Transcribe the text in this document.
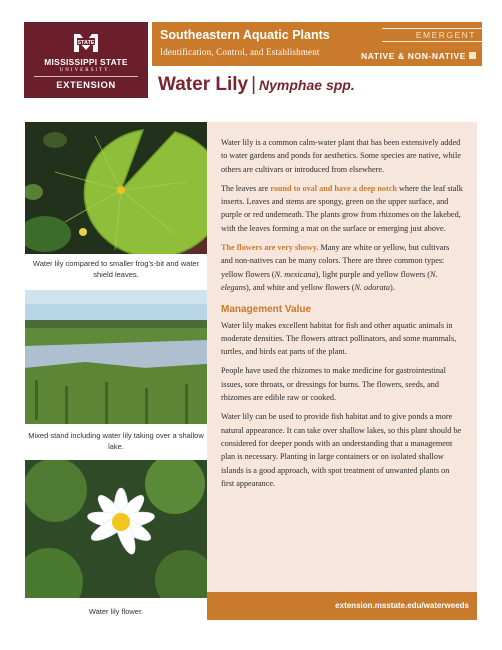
STATE
MISSISSIPPI STATE
UNIVERSITY.
EXTENSION
Southeastern Aquatic Plants
Identification, Control, and Establishment
EMERGENT
NATIVE & NON-NATIVE
Water Lily | Nymphae spp.
Water lily compared to smaller frog's-bit and water shield leaves.
Mixed stand including water lily taking over a shallow lake.
Water lily flower.

Water lily is a common calm-water plant that has been extensively added to water gardens and ponds for aesthetics. Some species are native, while others are cultivars or introduced from elsewhere.

The leaves are round to oval and have a deep notch where the leaf stalk inserts. Leaves and stems are spongy, green on the upper surface, and purple or red underneath. The plants grow from rhizomes on the lakebed, with the leaves forming a mat on the surface or emerging just above.

The flowers are very showy. Many are white or yellow, but cultivars and non-natives can be many colors. There are three common types: yellow flowers (N. mexicana), light purple and yellow flowers (N. elegans), and white and yellow flowers (N. odorata).

Management Value

Water lily makes excellent habitat for fish and other aquatic animals in moderate densities. The flowers attract pollinators, and some mammals, turtles, and birds eat parts of the plant.

People have used the rhizomes to make medicine for gastrointestinal issues, sore throats, or dressings for burns. The flowers, seeds, and rhizomes are edible raw or cooked.

Water lily can be used to provide fish habitat and to give ponds a more natural appearance. It can take over shallow lakes, so this plant should be considered for deeper ponds with an understanding that a management plan is necessary. Planting in large containers or on isolated shallow islands is a good approach, with spot treatment of unwanted plants on first appearance.

extension.msstate.edu/waterweeds
